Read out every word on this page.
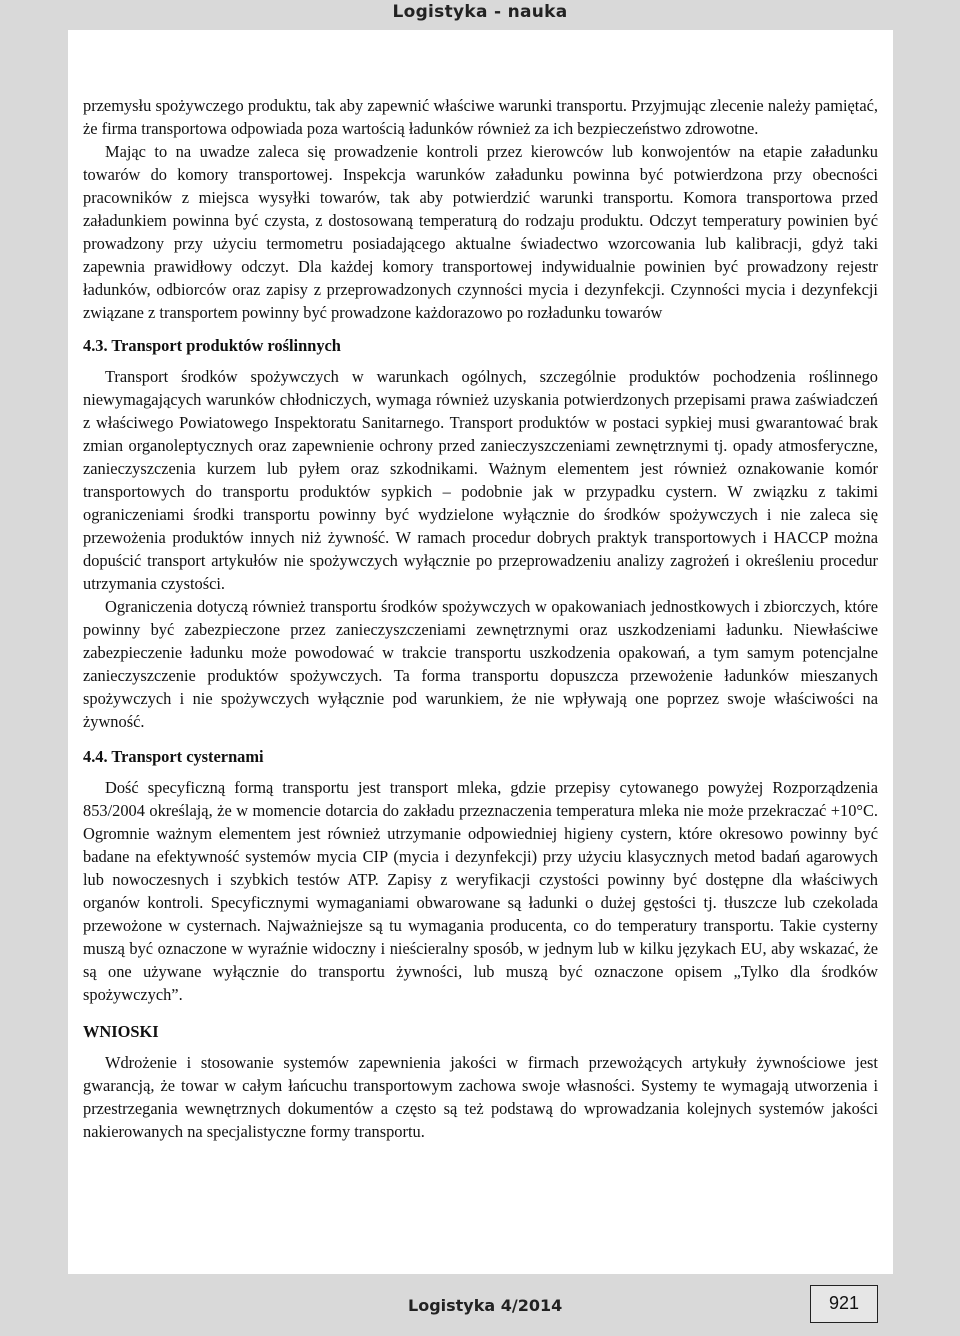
Logistyka - nauka

przemysłu spożywczego produktu, tak aby zapewnić właściwe warunki transportu. Przyjmując zlecenie należy pamiętać, że firma transportowa odpowiada poza wartością ładunków również za ich bezpieczeństwo zdrowotne.

Mając to na uwadze zaleca się prowadzenie kontroli przez kierowców lub konwojentów na etapie załadunku towarów do komory transportowej. Inspekcja warunków załadunku powinna być potwierdzona przy obecności pracowników z miejsca wysyłki towarów, tak aby potwierdzić warunki transportu. Komora transportowa przed załadunkiem powinna być czysta, z dostosowaną temperaturą do rodzaju produktu. Odczyt temperatury powinien być prowadzony przy użyciu termometru posiadającego aktualne świadectwo wzorcowania lub kalibracji, gdyż taki zapewnia prawidłowy odczyt. Dla każdej komory transportowej indywidualnie powinien być prowadzony rejestr ładunków, odbiorców oraz zapisy z przeprowadzonych czynności mycia i dezynfekcji. Czynności mycia i dezynfekcji związane z transportem powinny być prowadzone każdorazowo po rozładunku towarów

4.3. Transport produktów roślinnych

Transport środków spożywczych w warunkach ogólnych, szczególnie produktów pochodzenia roślinnego niewymagających warunków chłodniczych, wymaga również uzyskania potwierdzonych przepisami prawa zaświadczeń z właściwego Powiatowego Inspektoratu Sanitarnego. Transport produktów w postaci sypkiej musi gwarantować brak zmian organoleptycznych oraz zapewnienie ochrony przed zanieczyszczeniami zewnętrznymi tj. opady atmosferyczne, zanieczyszczenia kurzem lub pyłem oraz szkodnikami. Ważnym elementem jest również oznakowanie komór transportowych do transportu produktów sypkich – podobnie jak w przypadku cystern. W związku z takimi ograniczeniami środki transportu powinny być wydzielone wyłącznie do środków spożywczych i nie zaleca się przewożenia produktów innych niż żywność. W ramach procedur dobrych praktyk transportowych i HACCP można dopuścić transport artykułów nie spożywczych wyłącznie po przeprowadzeniu analizy zagrożeń i określeniu procedur utrzymania czystości.

Ograniczenia dotyczą również transportu środków spożywczych w opakowaniach jednostkowych i zbiorczych, które powinny być zabezpieczone przez zanieczyszczeniami zewnętrznymi oraz uszkodzeniami ładunku. Niewłaściwe zabezpieczenie ładunku może powodować w trakcie transportu uszkodzenia opakowań, a tym samym potencjalne zanieczyszczenie produktów spożywczych. Ta forma transportu dopuszcza przewożenie ładunków mieszanych spożywczych i nie spożywczych wyłącznie pod warunkiem, że nie wpływają one poprzez swoje właściwości na żywność.

4.4. Transport cysternami

Dość specyficzną formą transportu jest transport mleka, gdzie przepisy cytowanego powyżej Rozporządzenia 853/2004 określają, że w momencie dotarcia do zakładu przeznaczenia temperatura mleka nie może przekraczać +10°C. Ogromnie ważnym elementem jest również utrzymanie odpowiedniej higieny cystern, które okresowo powinny być badane na efektywność systemów mycia CIP (mycia i dezynfekcji) przy użyciu klasycznych metod badań agarowych lub nowoczesnych i szybkich testów ATP. Zapisy z weryfikacji czystości powinny być dostępne dla właściwych organów kontroli. Specyficznymi wymaganiami obwarowane są ładunki o dużej gęstości tj. tłuszcze lub czekolada przewożone w cysternach. Najważniejsze są tu wymagania producenta, co do temperatury transportu. Takie cysterny muszą być oznaczone w wyraźnie widoczny i nieścieralny sposób, w jednym lub w kilku językach EU, aby wskazać, że są one używane wyłącznie do transportu żywności, lub muszą być oznaczone opisem „Tylko dla środków spożywczych”.

WNIOSKI

Wdrożenie i stosowanie systemów zapewnienia jakości w firmach przewożących artykuły żywnościowe jest gwarancją, że towar w całym łańcuchu transportowym zachowa swoje własności. Systemy te wymagają utworzenia i przestrzegania wewnętrznych dokumentów a często są też podstawą do wprowadzania kolejnych systemów jakości nakierowanych na specjalistyczne formy transportu.

Logistyka 4/2014	921
